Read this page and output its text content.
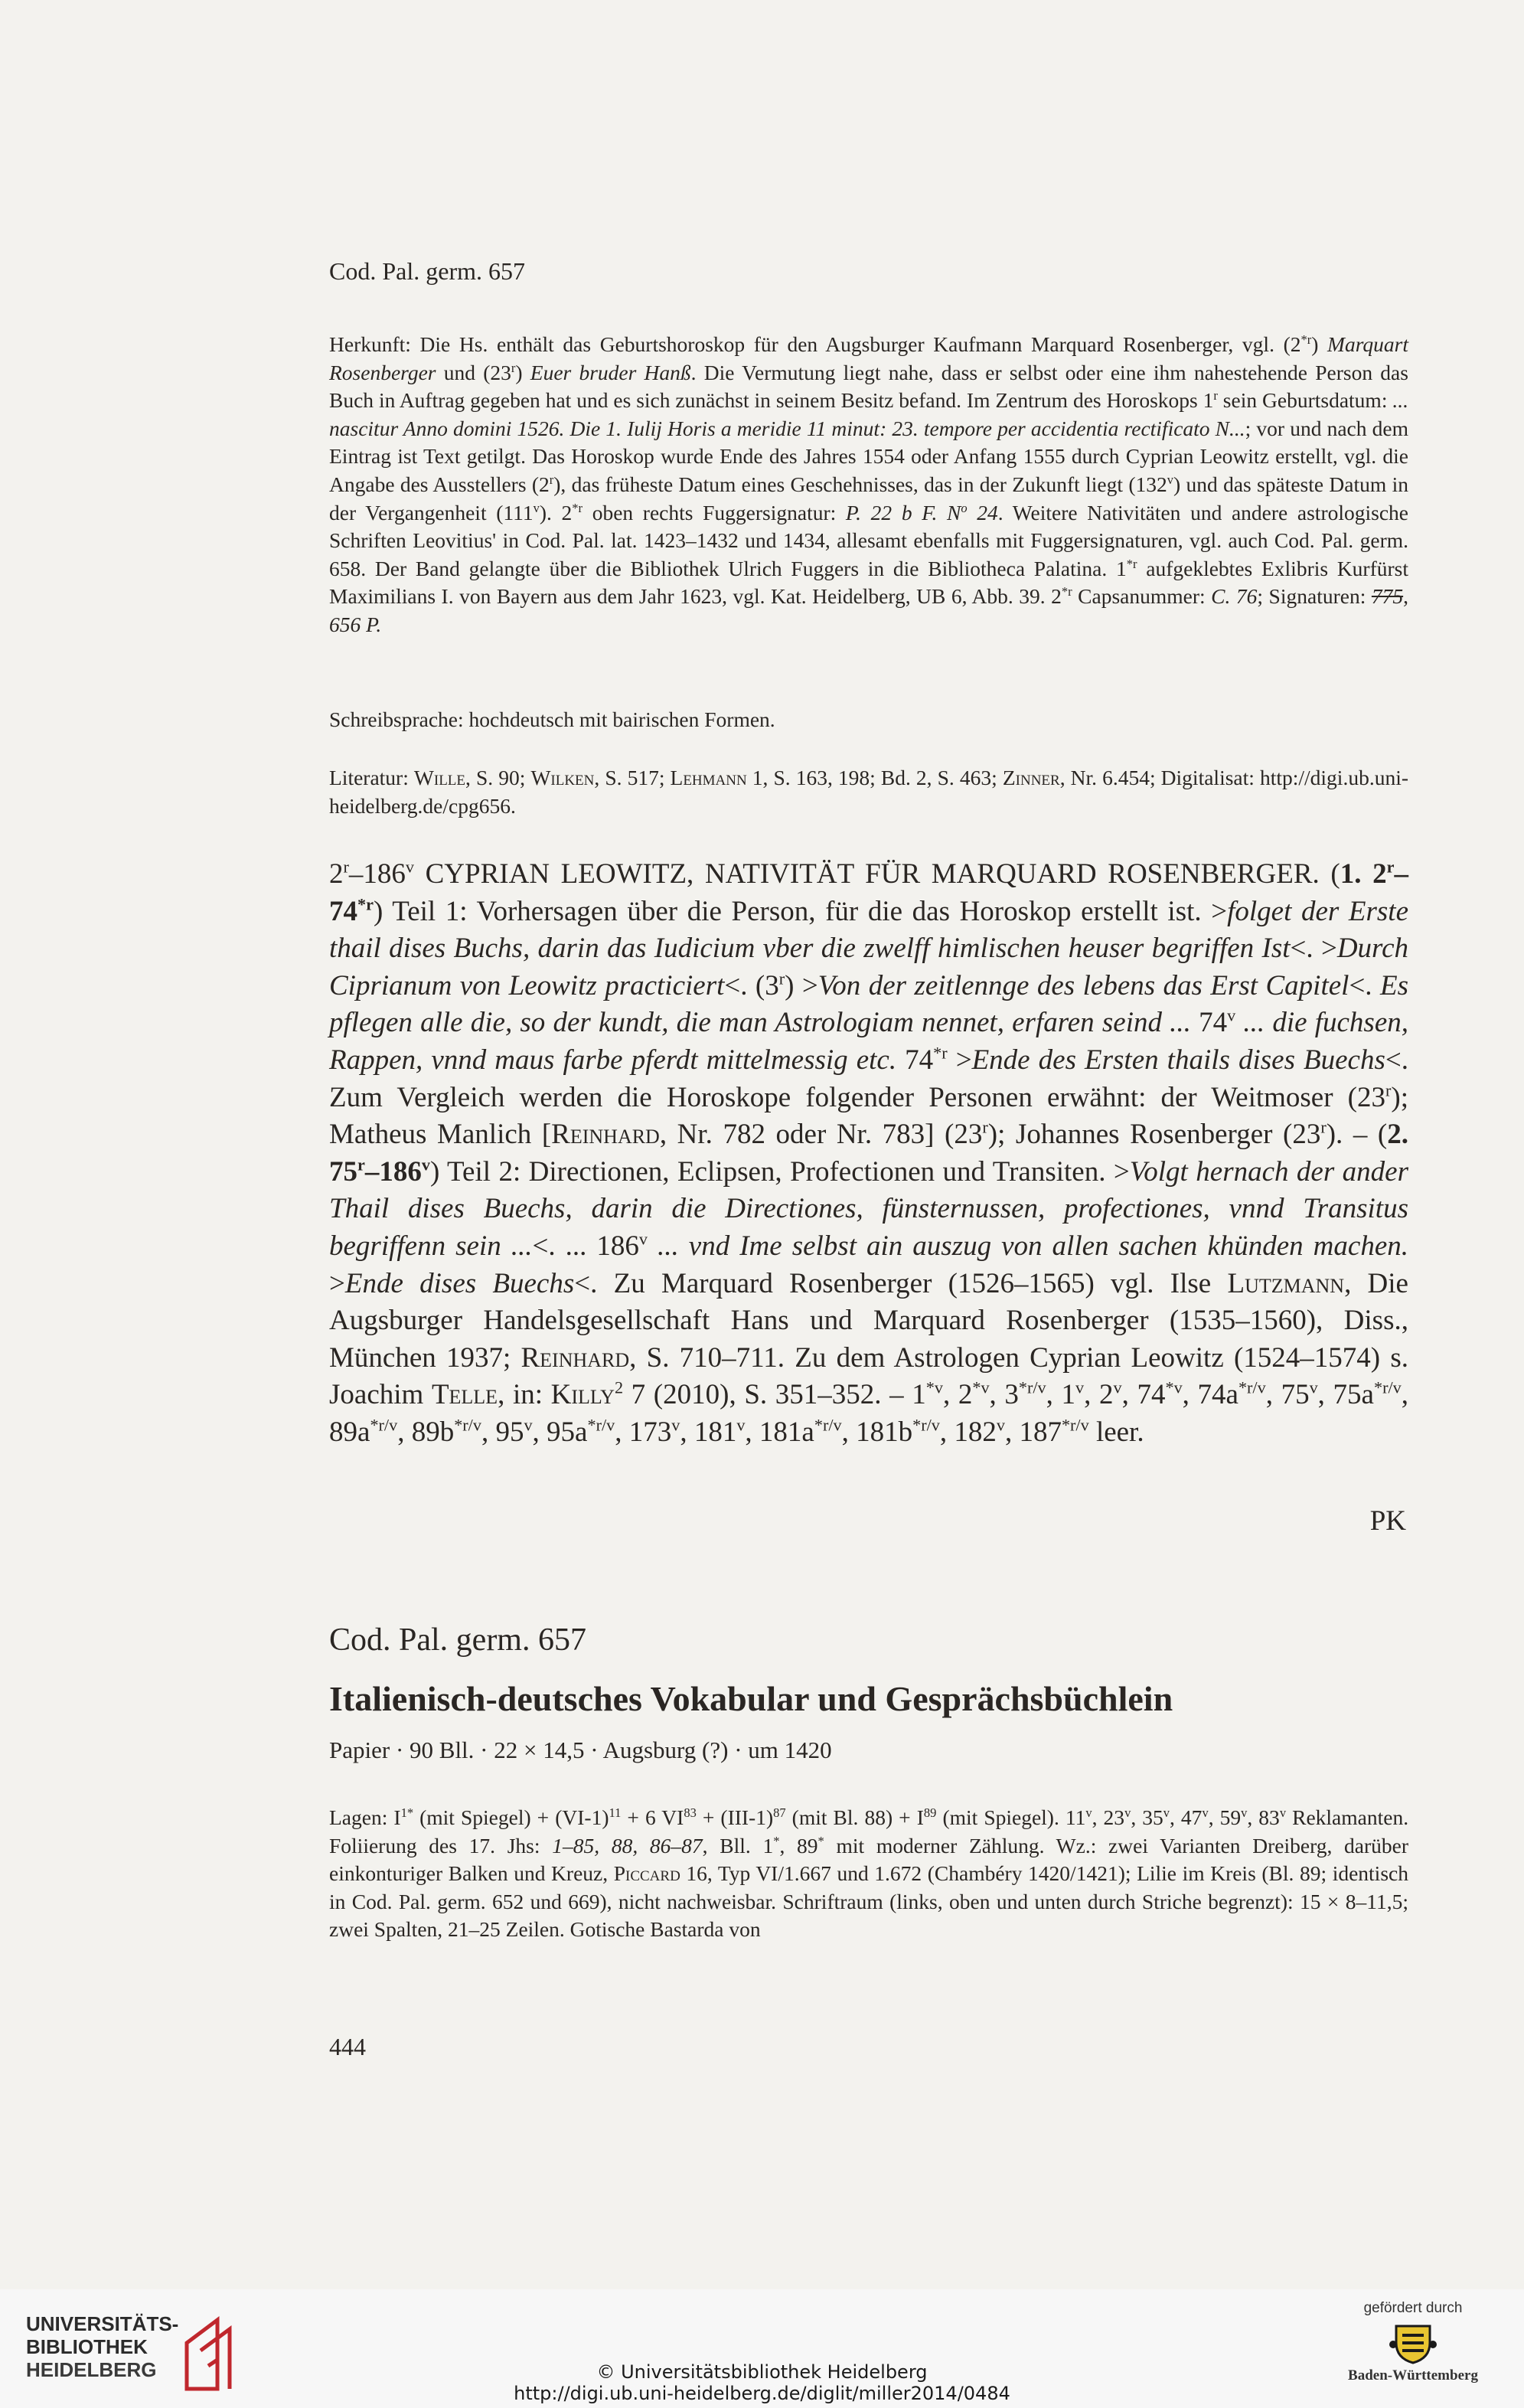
Cod. Pal. germ. 657
Herkunft: Die Hs. enthält das Geburtshoroskop für den Augsburger Kaufmann Marquard Rosenberger, vgl. (2$^{*r}$) Marquart Rosenberger und (23$^r$) Euer bruder Hanß. Die Vermutung liegt nahe, dass er selbst oder eine ihm nahestehende Person das Buch in Auftrag gegeben hat und es sich zunächst in seinem Besitz befand. Im Zentrum des Horoskops 1$^r$ sein Geburtsdatum: ... nascitur Anno domini 1526. Die 1. Iulij Horis a meridie 11 minut: 23. tempore per accidentia rectificato N...; vor und nach dem Eintrag ist Text getilgt. Das Horoskop wurde Ende des Jahres 1554 oder Anfang 1555 durch Cyprian Leowitz erstellt, vgl. die Angabe des Ausstellers (2$^r$), das früheste Datum eines Geschehnisses, das in der Zukunft liegt (132$^v$) und das späteste Datum in der Vergangenheit (111$^v$). 2$^{*r}$ oben rechts Fuggersignatur: P. 22 b F. $N^o$ 24. Weitere Nativitäten und andere astrologische Schriften Leovitius' in Cod. Pal. lat. 1423–1432 und 1434, allesamt ebenfalls mit Fuggersignaturen, vgl. auch Cod. Pal. germ. 658. Der Band gelangte über die Bibliothek Ulrich Fuggers in die Bibliotheca Palatina. 1$^{*r}$ aufgeklebtes Exlibris Kurfürst Maximilians I. von Bayern aus dem Jahr 1623, vgl. Kat. Heidelberg, UB 6, Abb. 39. 2$^{*r}$ Capsanummer: C. 76; Signaturen: 775, 656 P.
Schreibsprache: hochdeutsch mit bairischen Formen.
Literatur: Wille, S. 90; Wilken, S. 517; Lehmann 1, S. 163, 198; Bd. 2, S. 463; Zinner, Nr. 6.454; Digitalisat: http://digi.ub.uni-heidelberg.de/cpg656.
2$^r$–186$^v$ CYPRIAN LEOWITZ, NATIVITÄT FÜR MARQUARD ROSENBERGER. (1. 2$^r$–74$^{*r}$) Teil 1: Vorhersagen über die Person, für die das Horoskop erstellt ist. >folget der Erste thail dises Buchs, darin das Iudicium vber die zwelff himlischen heuser begriffen Ist<. >Durch Ciprianum von Leowitz practiciert<. $(3^r) >Von$ der zeitlennge des lebens das Erst Capitel<. Es pflegen alle die, so der kundt, die man Astrologiam nennet, erfaren seind ... 74$^v$ ... die fuchsen, Rappen, vnnd maus farbe pferdt mittelmessig etc. $74^{*r}$ >Ende des Ersten thails dises Buechs<. Zum Vergleich werden die Horoskope folgender Personen erwähnt: der Weitmoser (23$^r$); Matheus Manlich [Reinhard, Nr. 782 oder Nr. 783] (23$^r$); Johannes Rosenberger (23$^r$). – (2. 75$^r$–186$^v$) Teil 2: Directionen, Eclipsen, Profectionen und Transiten. >Volgt hernach der ander Thail dises Buechs, darin die Directiones, fünsternussen, profectiones, vnnd Transitus begriffenn sein ...<. ... 186$^v$ ... vnd Ime selbst ain auszug von allen sachen khünden machen. >Ende dises Buechs<. Zu Marquard Rosenberger (1526–1565) vgl. Ilse Lutzmann, Die Augsburger Handelsgesellschaft Hans und Marquard Rosenberger (1535–1560), Diss., München 1937; Reinhard, S. 710–711. Zu dem Astrologen Cyprian Leowitz (1524–1574) s. Joachim Telle, in: Killy$^2$ 7 (2010), S. 351–352. – 1$^{*v}$, 2$^{*v}$, $3^{*r/v}$, 1$^v$, 2$^v$, 74$^{*v}$, $74a^{*r/v}$, 75$^v$, $75a^{*r/v}$, $89a^{*r/v}$, $89b^{*r/v}$, 95$^v$, $95a^{*r/v}$, 173$^v$, 181$^v$, $181a^{*r/v}$, $181b^{*r/v}$, 182$^v$, $187^{*r/v}$ leer.
PK
Cod. Pal. germ. 657
Italienisch-deutsches Vokabular und Gesprächsbüchlein
Papier · 90 Bll. · 22 × 14,5 · Augsburg (?) · um 1420
Lagen: $I^{1*}$ (mit Spiegel) + $(VI-1)^{11} + 6$ $VI^{83} + (III-1)^{87}$ (mit Bl. $88) + I^{89}$ (mit Spiegel). 11$^v$, 23$^v$, 35$^v$, 47$^v$, 59$^v$, 83$^v$ Reklamanten. Foliierung des 17. Jhs: 1–85, 88, 86–87, Bll. 1*, 89* mit moderner Zählung. Wz.: zwei Varianten Dreiberg, darüber einkonturiger Balken und Kreuz, Piccard 16, Typ VI/1.667 und 1.672 (Chambéry 1420/1421); Lilie im Kreis (Bl. 89; identisch in Cod. Pal. germ. 652 und 669), nicht nachweisbar. Schriftraum (links, oben und unten durch Striche begrenzt): 15 × 8–11,5; zwei Spalten, 21–25 Zeilen. Gotische Bastarda von
444
UNIVERSITÄTS-
BIBLIOTHEK
HEIDELBERG	© Universitätsbibliothek Heidelberg
http://digi.ub.uni-heidelberg.de/diglit/miller2014/0484
gefördert durch
Baden-Württemberg
